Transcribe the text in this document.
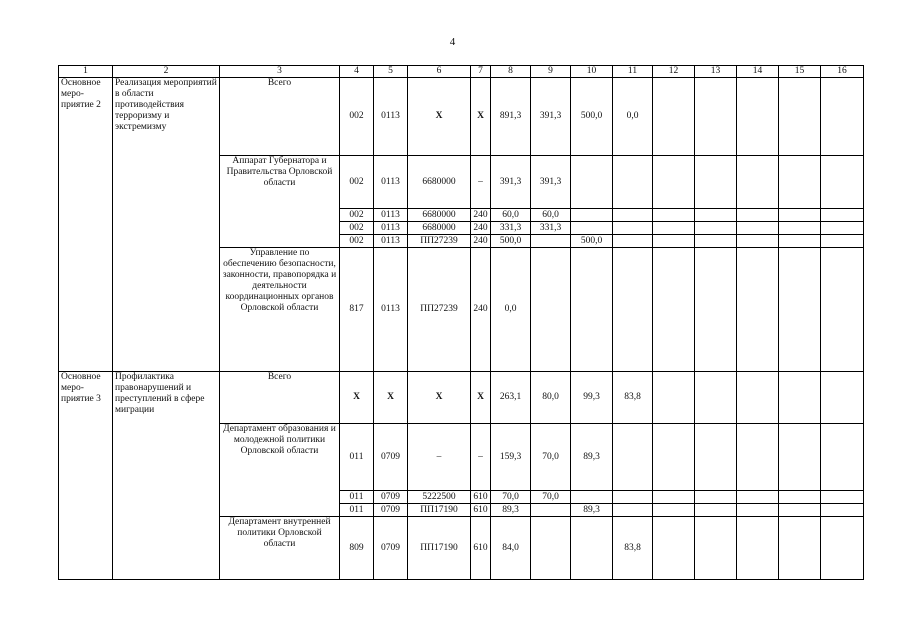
4
1	2	3	4	5	6	7	8	9	10	11	12	13	14	15	16
Основное меро-приятие 2	Реализация мероприятий в области противодействия терроризму и экстремизму	Всего	002	0113	Х	Х	891,3	391,3	500,0	0,0					
		Аппарат Губернатора и Правительства Орловской области	002	0113	6680000	–	391,3	391,3							
			002	0113	6680000	240	60,0	60,0							
			002	0113	6680000	240	331,3	331,3							
			002	0113	ПП27239	240	500,0		500,0						
		Управление по обеспечению безопасности, законности, правопорядка и деятельности координационных органов Орловской области	817	0113	ПП27239	240	0,0								
Основное меро-приятие 3	Профилактика правонарушений и преступлений в сфере миграции	Всего	Х	Х	Х	Х	263,1	80,0	99,3	83,8					
		Департамент образования и молодежной политики Орловской области	011	0709	–	–	159,3	70,0	89,3						
			011	0709	5222500	610	70,0	70,0							
			011	0709	ПП17190	610	89,3		89,3						
		Департамент внутренней политики Орловской области	809	0709	ПП17190	610	84,0			83,8					
